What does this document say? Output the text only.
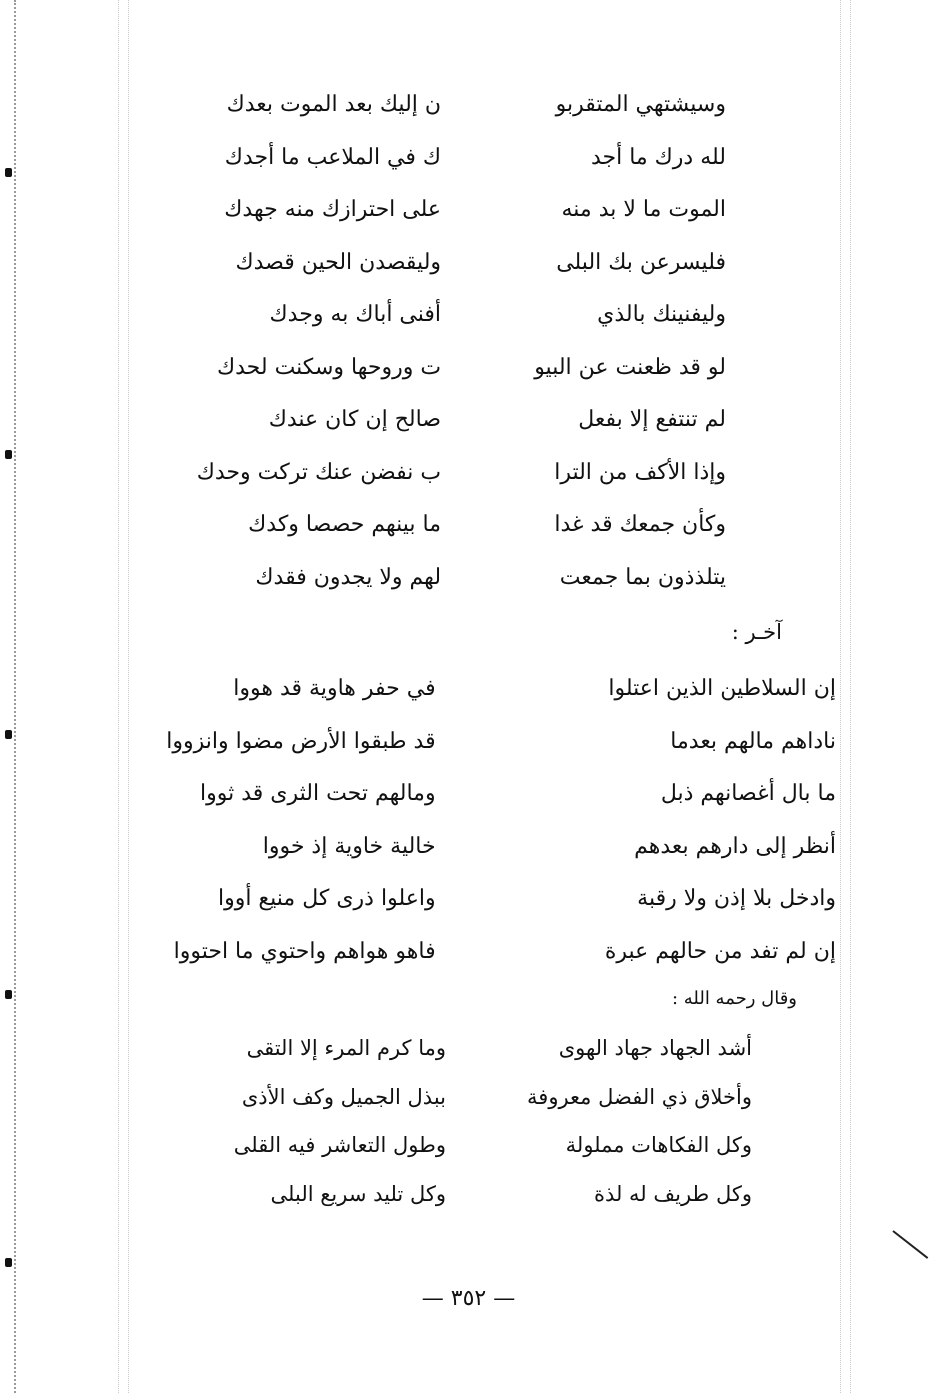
وسيشتهي المتقربو
ن إليك بعد الموت بعدك
لله درك ما أجد
ك في الملاعب ما أجدك
الموت ما لا بد منه
على احترازك منه جهدك
فليسرعن بك البلى
وليقصدن الحين قصدك
وليفنينك بالذي
أفنى أباك به وجدك
لو قد ظعنت عن البيو
ت وروحها وسكنت لحدك
لم تنتفع إلا بفعل
صالح إن كان عندك
وإذا الأكف من الترا
ب نفضن عنك تركت وحدك
وكأن جمعك قد غدا
ما بينهم حصصا وكدك
يتلذذون بما جمعت
لهم ولا يجدون فقدك
آخـر :
إن السلاطين الذين اعتلوا
في حفر هاوية قد هووا
ناداهم مالهم بعدما
قد طبقوا الأرض مضوا وانزووا
ما بال أغصانهم ذبل
ومالهم تحت الثرى قد ثووا
أنظر إلى دارهم بعدهم
خالية خاوية إذ خووا
وادخل بلا إذن ولا رقبة
واعلوا ذرى كل منيع أووا
إن لم تفد من حالهم عبرة
فاهو هواهم واحتوي ما احتووا
وقال رحمه الله :
أشد الجهاد جهاد الهوى
وما كرم المرء إلا التقى
وأخلاق ذي الفضل معروفة
ببذل الجميل وكف الأذى
وكل الفكاهات مملولة
وطول التعاشر فيه القلى
وكل طريف له لذة
وكل تليد سريع البلى
— ٣٥٢ —
